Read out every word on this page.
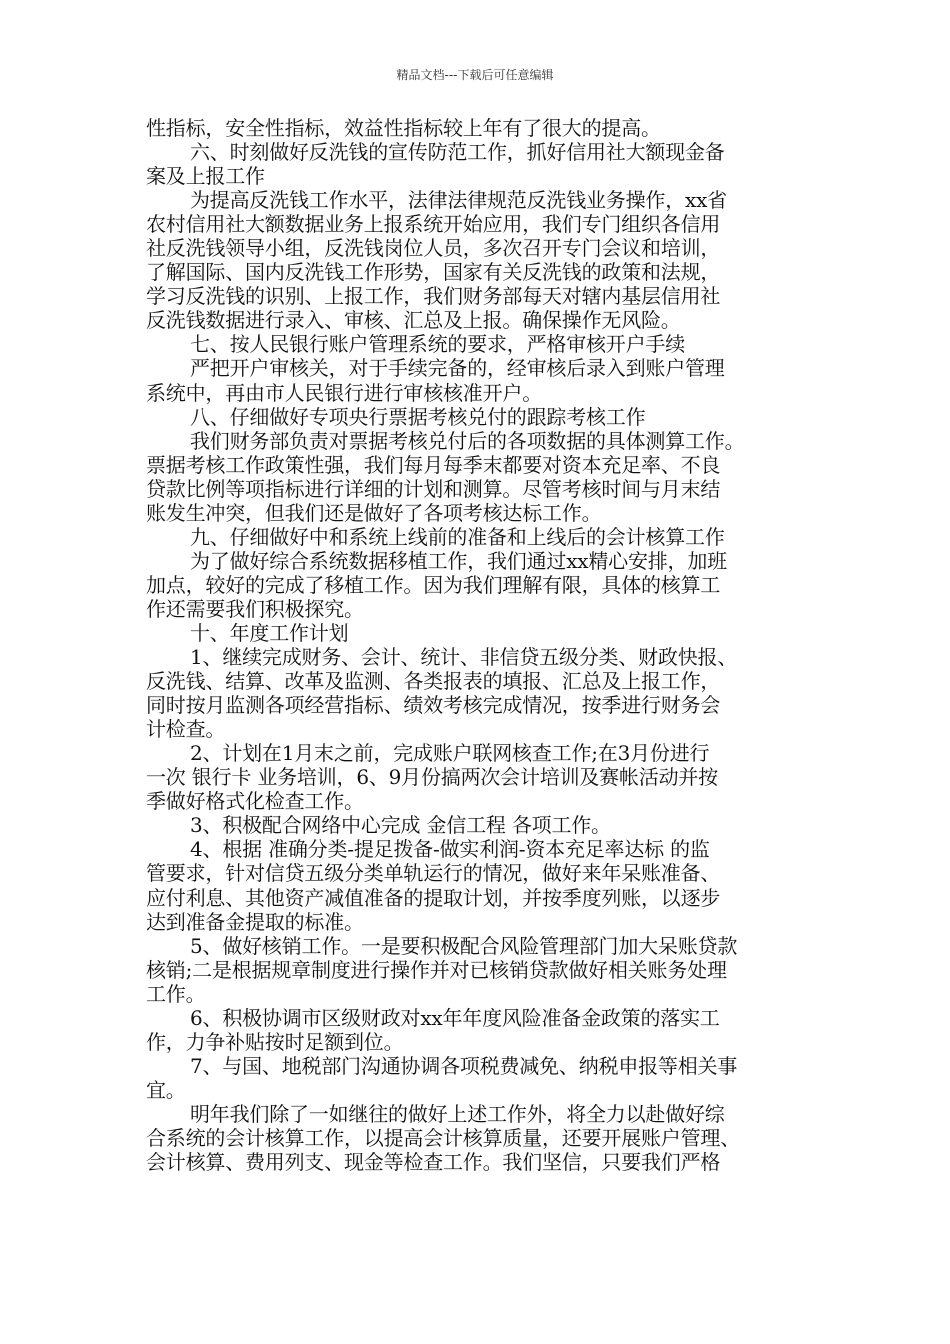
精品文档---下载后可任意编辑
性指标，安全性指标，效益性指标较上年有了很大的提高。
六、时刻做好反洗钱的宣传防范工作，抓好信用社大额现金备
案及上报工作
为提高反洗钱工作水平，法律法律规范反洗钱业务操作，xx省
农村信用社大额数据业务上报系统开始应用，我们专门组织各信用
社反洗钱领导小组，反洗钱岗位人员，多次召开专门会议和培训，
了解国际、国内反洗钱工作形势，国家有关反洗钱的政策和法规，
学习反洗钱的识别、上报工作，我们财务部每天对辖内基层信用社
反洗钱数据进行录入、审核、汇总及上报。确保操作无风险。
七、按人民银行账户管理系统的要求，严格审核开户手续
严把开户审核关，对于手续完备的，经审核后录入到账户管理
系统中，再由市人民银行进行审核核准开户。
八、仔细做好专项央行票据考核兑付的跟踪考核工作
我们财务部负责对票据考核兑付后的各项数据的具体测算工作。
票据考核工作政策性强，我们每月每季末都要对资本充足率、不良
贷款比例等项指标进行详细的计划和测算。尽管考核时间与月末结
账发生冲突，但我们还是做好了各项考核达标工作。
九、仔细做好中和系统上线前的准备和上线后的会计核算工作
为了做好综合系统数据移植工作，我们通过xx精心安排，加班
加点，较好的完成了移植工作。因为我们理解有限，具体的核算工
作还需要我们积极探究。
十、年度工作计划
1、继续完成财务、会计、统计、非信贷五级分类、财政快报、
反洗钱、结算、改革及监测、各类报表的填报、汇总及上报工作，
同时按月监测各项经营指标、绩效考核完成情况，按季进行财务会
计检查。
2、计划在1月末之前，完成账户联网核查工作;在3月份进行
一次 银行卡 业务培训，6、9月份搞两次会计培训及赛帐活动并按
季做好格式化检查工作。
3、积极配合网络中心完成 金信工程 各项工作。
4、根据 准确分类-提足拨备-做实利润-资本充足率达标 的监
管要求，针对信贷五级分类单轨运行的情况，做好来年呆账准备、
应付利息、其他资产减值准备的提取计划，并按季度列账，以逐步
达到准备金提取的标准。
5、做好核销工作。一是要积极配合风险管理部门加大呆账贷款
核销;二是根据规章制度进行操作并对已核销贷款做好相关账务处理
工作。
6、积极协调市区级财政对xx年年度风险准备金政策的落实工
作，力争补贴按时足额到位。
7、与国、地税部门沟通协调各项税费减免、纳税申报等相关事
宜。
明年我们除了一如继往的做好上述工作外，将全力以赴做好综
合系统的会计核算工作，以提高会计核算质量，还要开展账户管理、
会计核算、费用列支、现金等检查工作。我们坚信，只要我们严格
